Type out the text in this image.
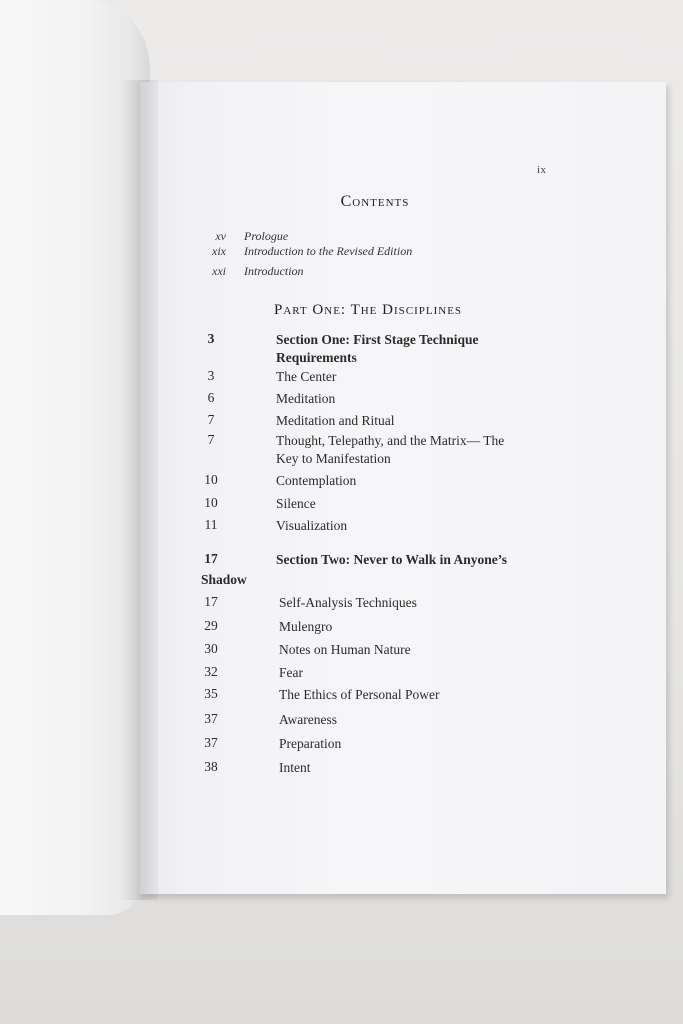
ix
Contents
xv Prologue
xix Introduction to the Revised Edition
xxi Introduction
Part One: The Disciplines
3	Section One: First Stage Technique Requirements
3	The Center
6	Meditation
7	Meditation and Ritual
7	Thought, Telepathy, and the Matrix— The Key to Manifestation
10	Contemplation
10	Silence
11	Visualization
17	Section Two: Never to Walk in Anyone’s
Shadow
17	Self-Analysis Techniques
29	Mulengro
30	Notes on Human Nature
32	Fear
35	The Ethics of Personal Power
37	Awareness
37	Preparation
38	Intent
